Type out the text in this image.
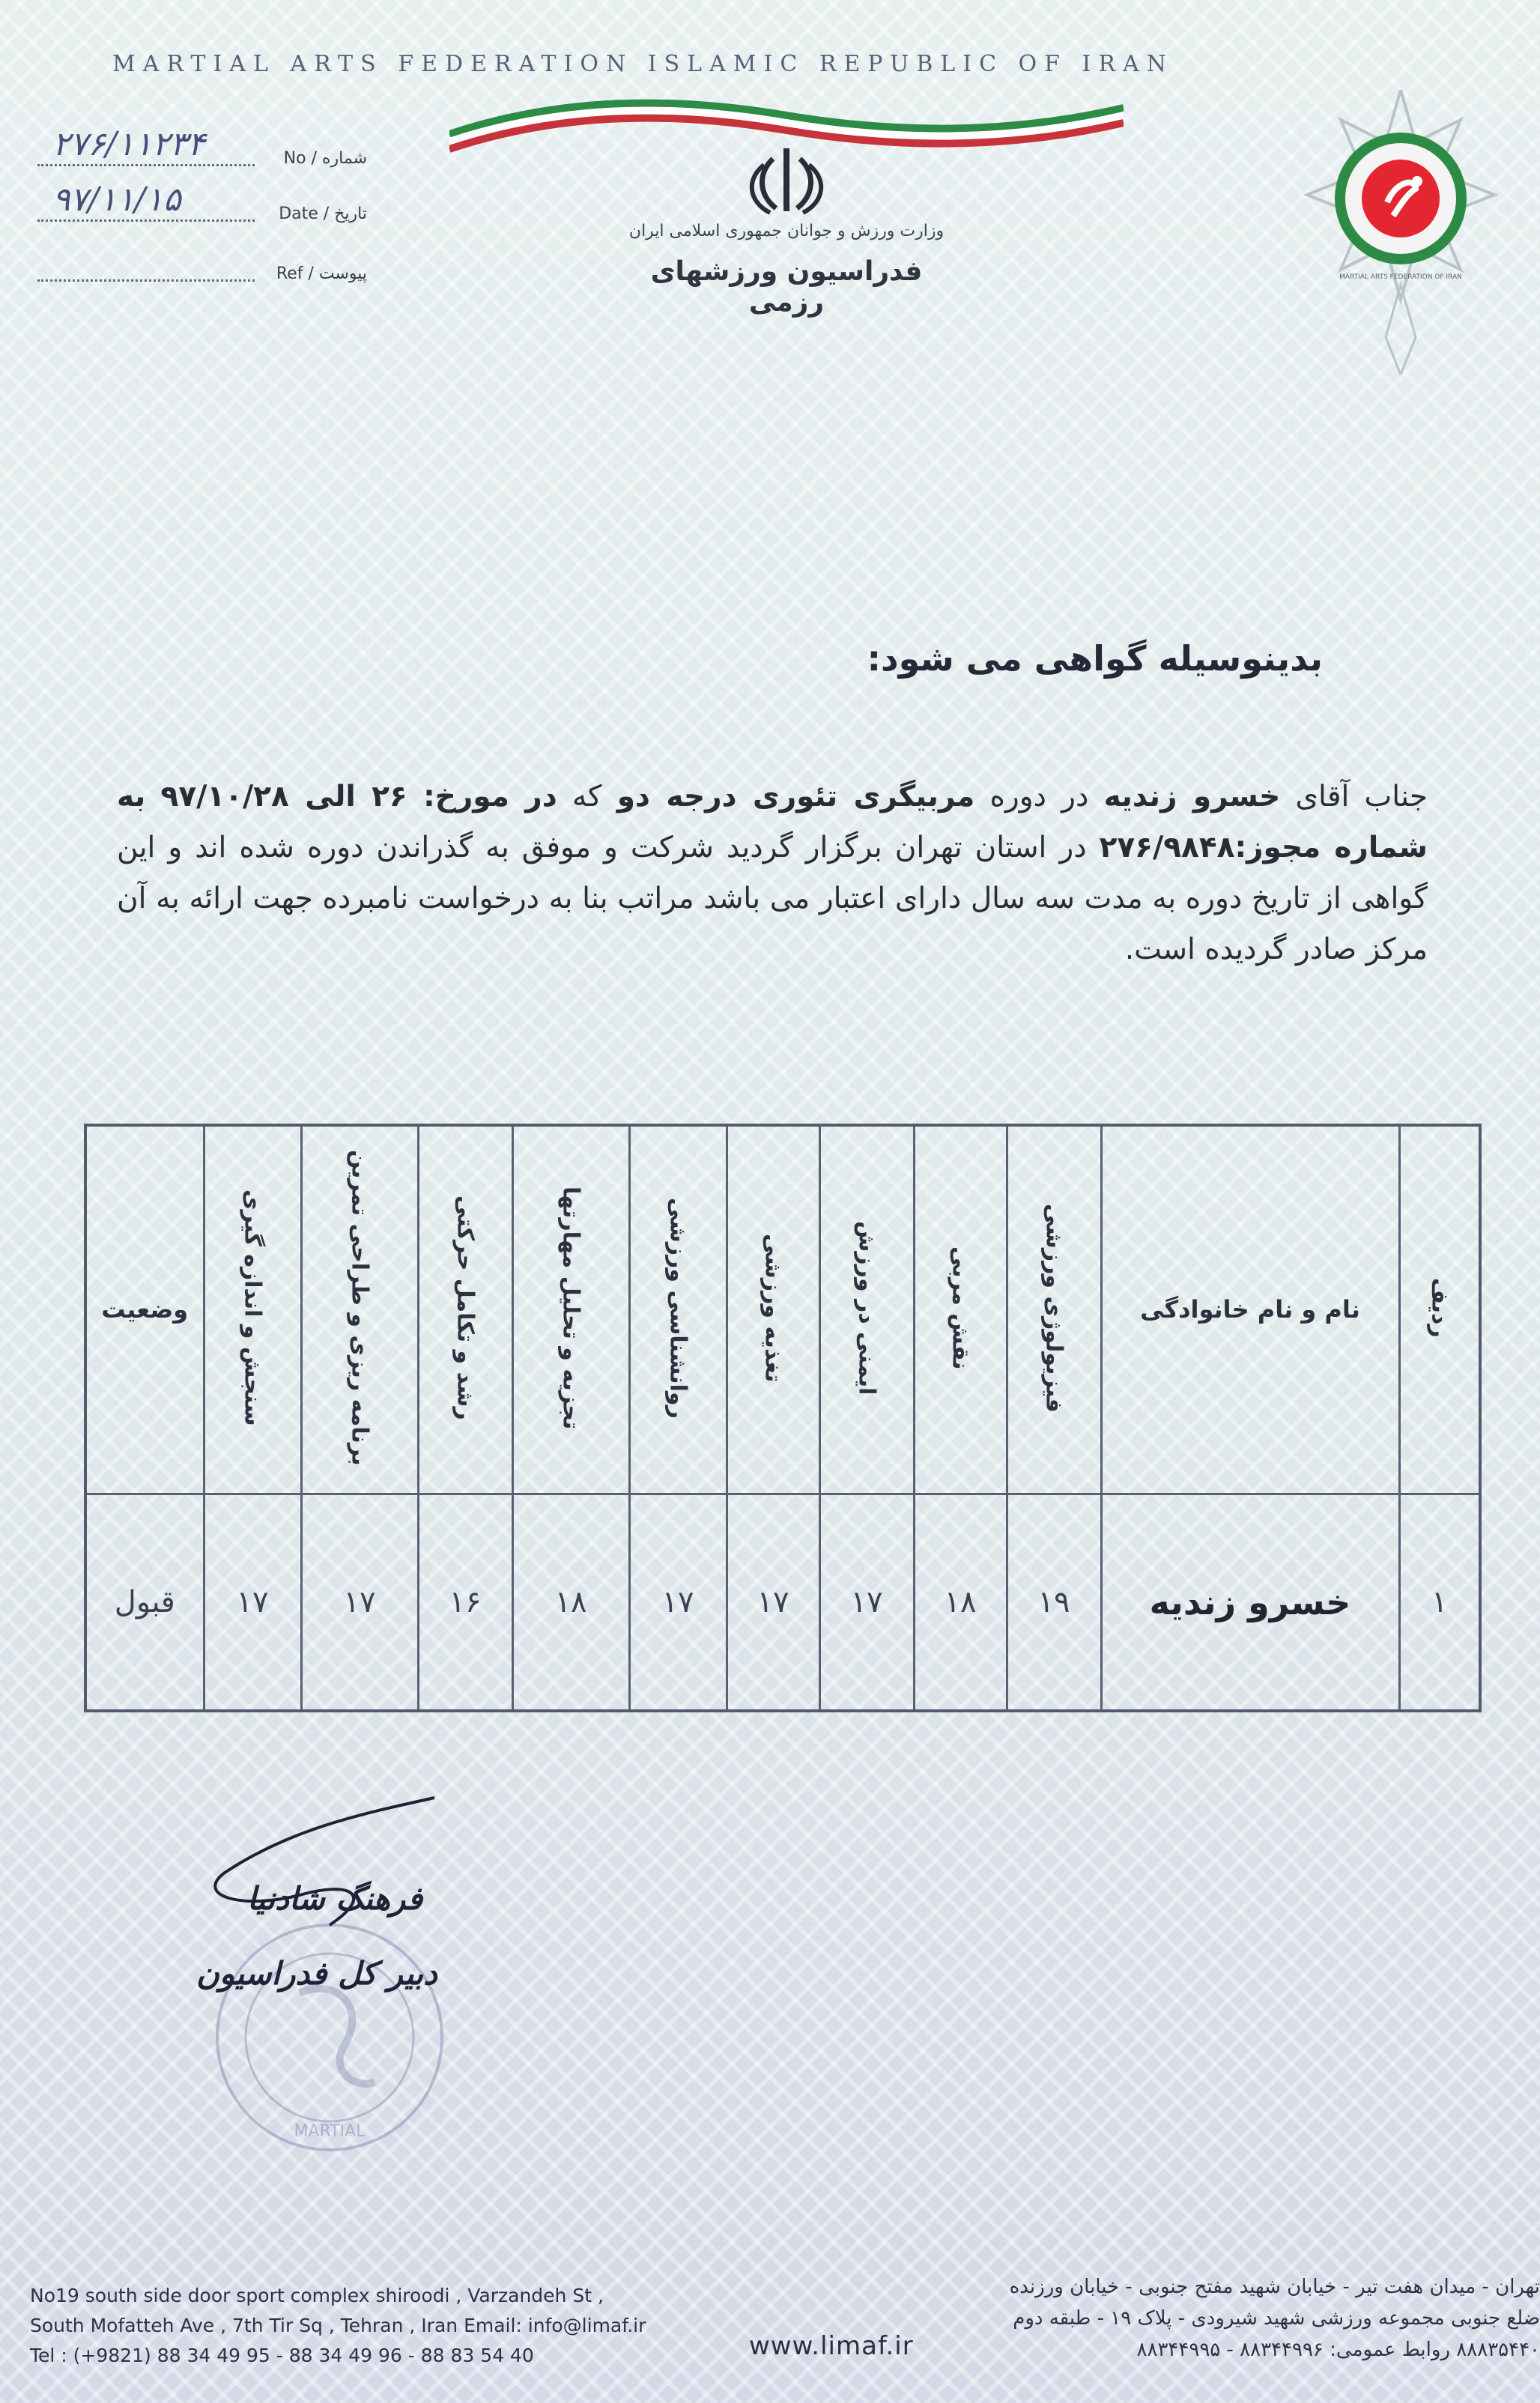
MARTIAL ARTS FEDERATION ISLAMIC REPUBLIC OF IRAN
۲۷۶/۱۱۲۳۴	شماره / No
۹۷/۱۱/۱۵	تاریخ / Date
پیوست / Ref
وزارت ورزش و جوانان جمهوری اسلامی ایران
فدراسیون ورزشهای رزمی
MARTIAL ARTS FEDERATION OF IRAN
بدینوسیله گواهی می شود:
جناب آقای خسرو زندیه در دوره مربیگری تئوری درجه دو که در مورخ: ۲۶ الی ۹۷/۱۰/۲۸ به شماره مجوز:۲۷۶/۹۸۴۸ در استان تهران برگزار گردید شرکت و موفق به گذراندن دوره شده اند و این گواهی از تاریخ دوره به مدت سه سال دارای اعتبار می باشد مراتب بنا به درخواست نامبرده جهت ارائه به آن مرکز صادر گردیده است.
ردیف	نام و نام خانوادگی	فیزیولوژی ورزشی	نقش مربی	ایمنی در ورزش	تغذیه ورزشی	روانشناسی ورزشی	تجزیه و تحلیل مهارتها	رشد و تکامل حرکتی	برنامه ریزی و طراحی تمرین	سنجش و اندازه گیری	وضعیت
۱	خسرو زندیه	۱۹	۱۸	۱۷	۱۷	۱۷	۱۸	۱۶	۱۷	۱۷	قبول
MARTIAL
فرهنگ شادنیا
دبیر کل فدراسیون
No19 south side door sport complex shiroodi , Varzandeh St ,
South Mofatteh Ave , 7th Tir Sq , Tehran , Iran Email: info@limaf.ir
Tel : (+9821) 88 34 49 95 - 88 34 49 96 - 88 83 54 40	www.limaf.ir
تهران - میدان هفت تیر - خیابان شهید مفتح جنوبی - خیابان ورزنده
ضلع جنوبی مجموعه ورزشی شهید شیرودی - پلاک ۱۹ - طبقه دوم
۸۸۸۳۵۴۴۰ روابط عمومی: ۸۸۳۴۴۹۹۶ - ۸۸۳۴۴۹۹۵
